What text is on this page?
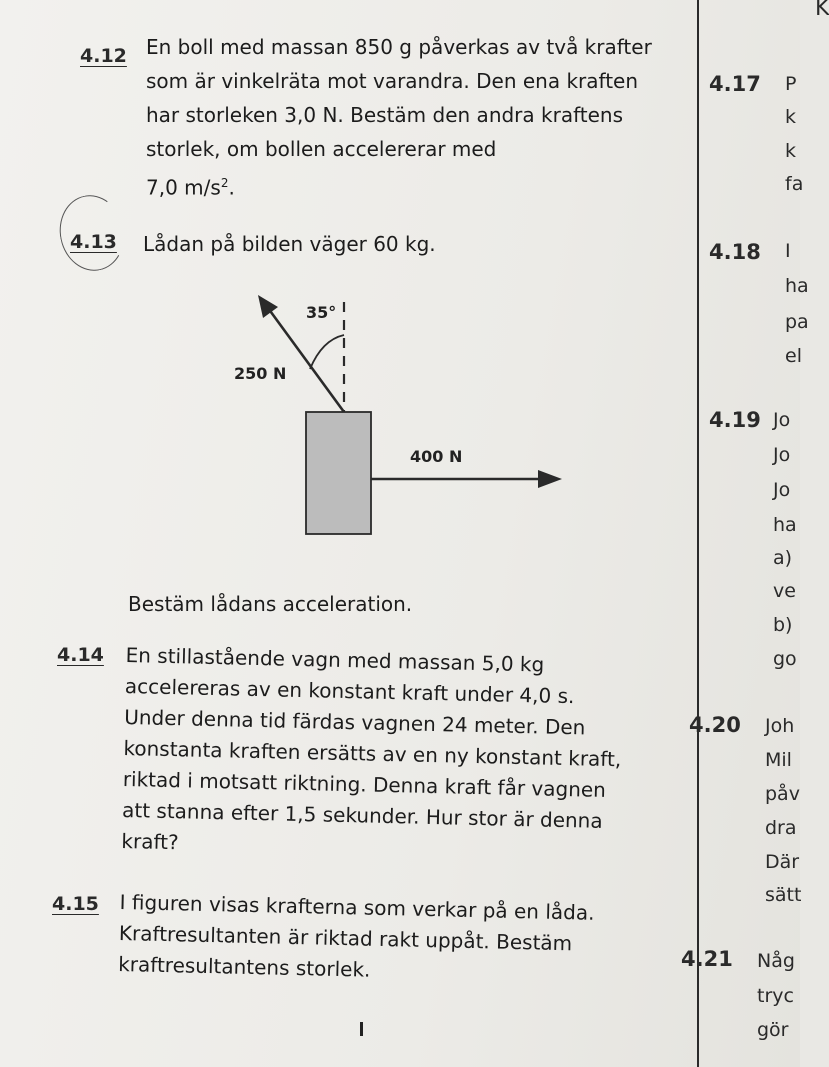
4.12 En boll med massan 850 g påverkas av två krafter
som är vinkelräta mot varandra. Den ena kraften
har storleken 3,0 N. Bestäm den andra kraftens
storlek, om bollen accelererar med
7,0 $m/s^2$.
4.13 Lådan på bilden väger 60 kg.
250 N
35°
400 N
Bestäm lådans acceleration.
4.14 En stillastående vagn med massan 5,0 kg
accelereras av en konstant kraft under 4,0 s.
Under denna tid färdas vagnen 24 meter. Den
konstanta kraften ersätts av en ny konstant kraft,
riktad i motsatt riktning. Denna kraft får vagnen
att stanna efter 1,5 sekunder. Hur stor är denna
kraft?
4.15 I figuren visas krafterna som verkar på en låda.
Kraftresultanten är riktad rakt uppåt. Bestäm
kraftresultantens storlek.
K
4.17 P
k
k
fa
4.18 I
ha
pa
el
4.19 Jo
Jo
Jo
ha
a)
ve
b)
go
4.20 Joh
Mil
påv
dra
Där
sätt
4.21 Någ
tryc
gör
